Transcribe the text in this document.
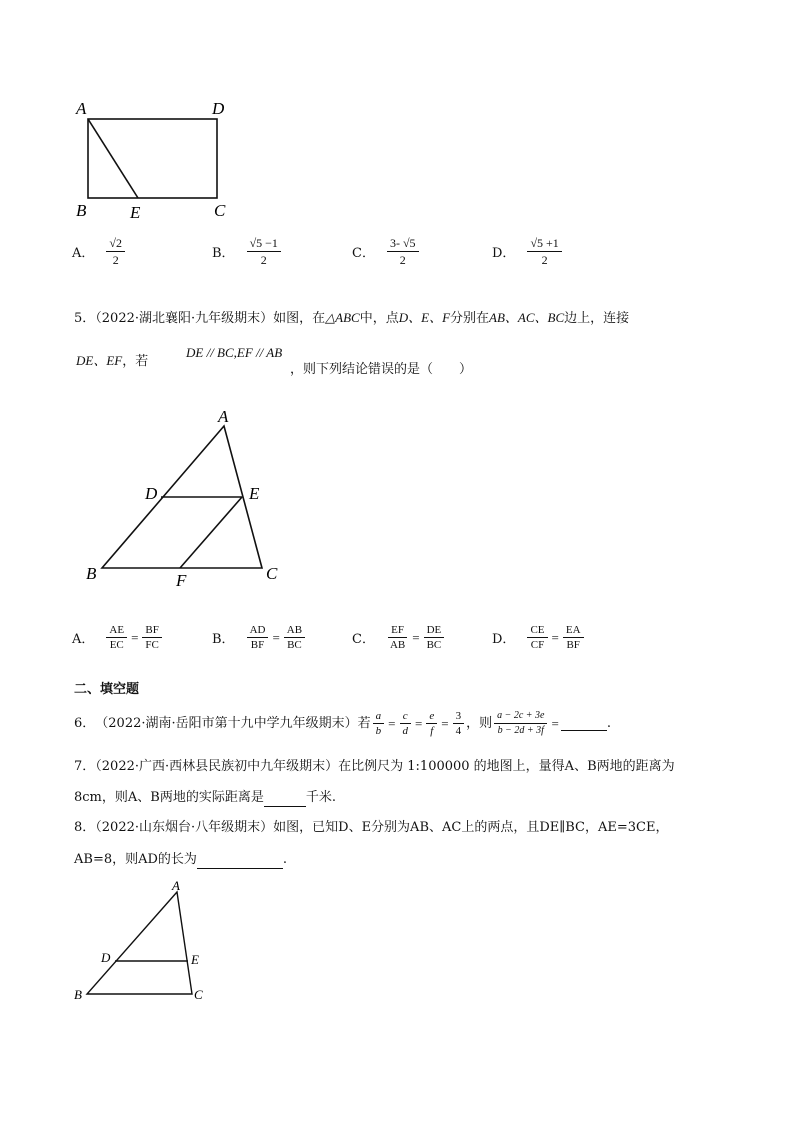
A	D
B	E	C
A． $\frac{√2}{2}$	B． $\frac{√5 -1}{2}$	C． $\frac{3- √5}{2}$	D． $\frac{√5 +1}{2}$
5．（2022·湖北襄阳·九年级期末）如图，在△ABC中，点D、E、F分别在AB、AC、BC边上，连接
DE、EF，若
DE // BC,EF // AB
，则下列结论错误的是（　　）
A
D	E
B	F	C
A． $\frac{AE}{EC} = \frac{BF}{FC}$	B． $\frac{AD}{BF} = \frac{AB}{BC}$	C． $\frac{EF}{AB} = \frac{DE}{BC}$	D． $\frac{CE}{CF} = \frac{EA}{BF}$
二、填空题
6． （2022·湖南·岳阳市第十九中学九年级期末） 若 $\frac{a}{b} = \frac{c}{d} = \frac{e}{f} = \frac{3}{4}$ ，则 $\frac{a - 2c + 3e}{b - 2d + 3f}$ =	.
7．（2022·广西·西林县民族初中九年级期末）在比例尺为 1:100000 的地图上，量得A、B两地的距离为
8cm，则A、B两地的实际距离是	千米.
8．（2022·山东烟台·八年级期末）如图，已知D、E分别为AB、AC上的两点，且DE∥BC，AE=3CE，
AB=8，则AD的长为	.
A
D	E
B	C
